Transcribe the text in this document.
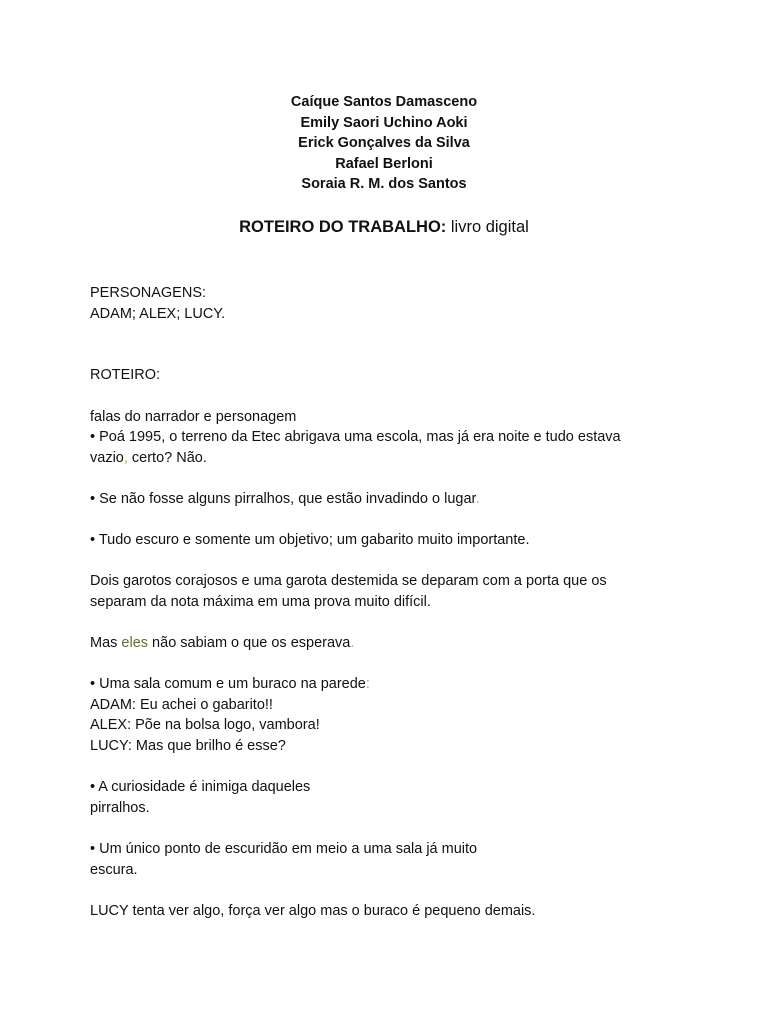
Caíque Santos Damasceno
Emily Saori Uchino Aoki
Erick Gonçalves da Silva
Rafael Berloni
Soraia R. M. dos Santos
ROTEIRO DO TRABALHO: livro digital

PERSONAGENS:

ADAM; ALEX; LUCY.

ROTEIRO:

falas do narrador e personagem

• Poá 1995, o terreno da Etec abrigava uma escola, mas já era noite e tudo estava

vazio, certo? Não.

• Se não fosse alguns pirralhos, que estão invadindo o lugar.

• Tudo escuro e somente um objetivo; um gabarito muito importante.

Dois garotos corajosos e uma garota destemida se deparam com a porta que os

separam da nota máxima em uma prova muito difícil.

Mas eles não sabiam o que os esperava.

• Uma sala comum e um buraco na parede:

ADAM: Eu achei o gabarito!!

ALEX: Põe na bolsa logo, vambora!

LUCY: Mas que brilho é esse?

• A curiosidade é inimiga daqueles

pirralhos.

• Um único ponto de escuridão em meio a uma sala já muito

escura.

LUCY tenta ver algo, força ver algo mas o buraco é pequeno demais.
